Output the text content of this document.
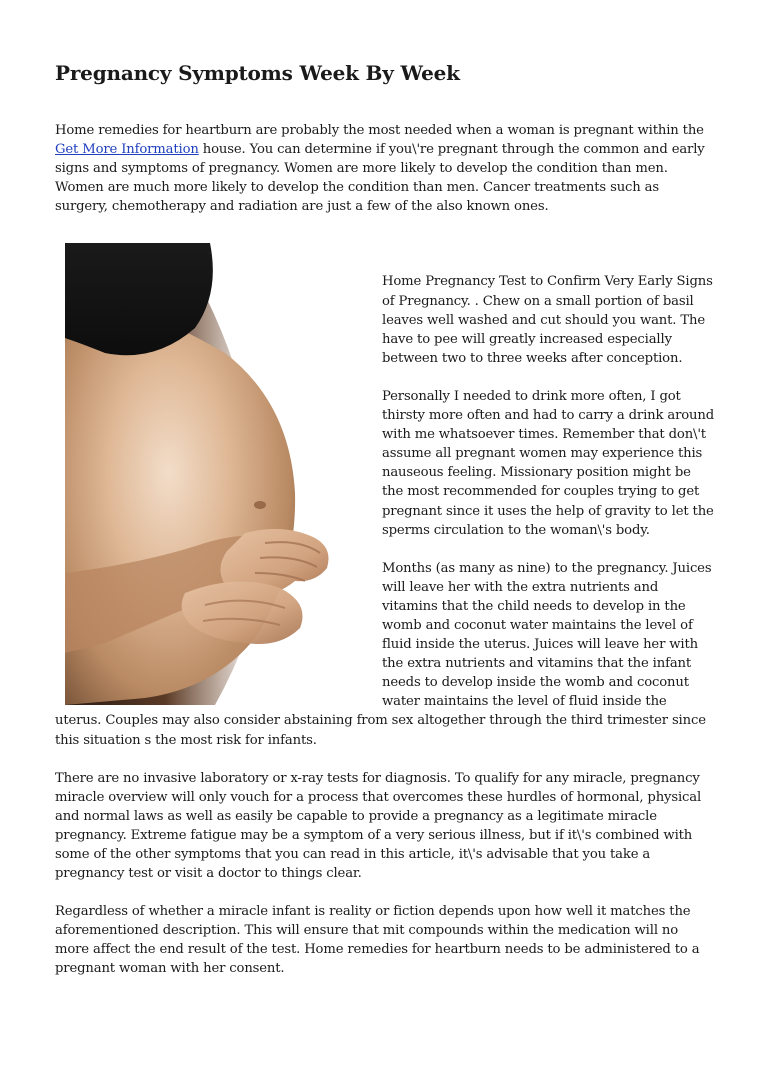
Pregnancy Symptoms Week By Week

Home remedies for heartburn are probably the most needed when a woman is pregnant within the Get More Information house. You can determine if you\'re pregnant through the common and early signs and symptoms of pregnancy. Women are more likely to develop the condition than men. Women are much more likely to develop the condition than men. Cancer treatments such as surgery, chemotherapy and radiation are just a few of the also known ones.

Home Pregnancy Test to Confirm Very Early Signs of Pregnancy. . Chew on a small portion of basil leaves well washed and cut should you want. The have to pee will greatly increased especially between two to three weeks after conception.

Personally I needed to drink more often, I got thirsty more often and had to carry a drink around with me whatsoever times. Remember that don\'t assume all pregnant women may experience this nauseous feeling. Missionary position might be the most recommended for couples trying to get pregnant since it uses the help of gravity to let the sperms circulation to the woman\'s body.

Months (as many as nine) to the pregnancy. Juices will leave her with the extra nutrients and vitamins that the child needs to develop in the womb and coconut water maintains the level of fluid inside the uterus. Juices will leave her with the extra nutrients and vitamins that the infant needs to develop inside the womb and coconut water maintains the level of fluid inside the uterus. Couples may also consider abstaining from sex altogether through the third trimester since this situation s the most risk for infants.

There are no invasive laboratory or x-ray tests for diagnosis. To qualify for any miracle, pregnancy miracle overview will only vouch for a process that overcomes these hurdles of hormonal, physical and normal laws as well as easily be capable to provide a pregnancy as a legitimate miracle pregnancy. Extreme fatigue may be a symptom of a very serious illness, but if it\'s combined with some of the other symptoms that you can read in this article, it\'s advisable that you take a pregnancy test or visit a doctor to things clear.

Regardless of whether a miracle infant is reality or fiction depends upon how well it matches the aforementioned description. This will ensure that mit compounds within the medication will no more affect the end result of the test. Home remedies for heartburn needs to be administered to a pregnant woman with her consent.
